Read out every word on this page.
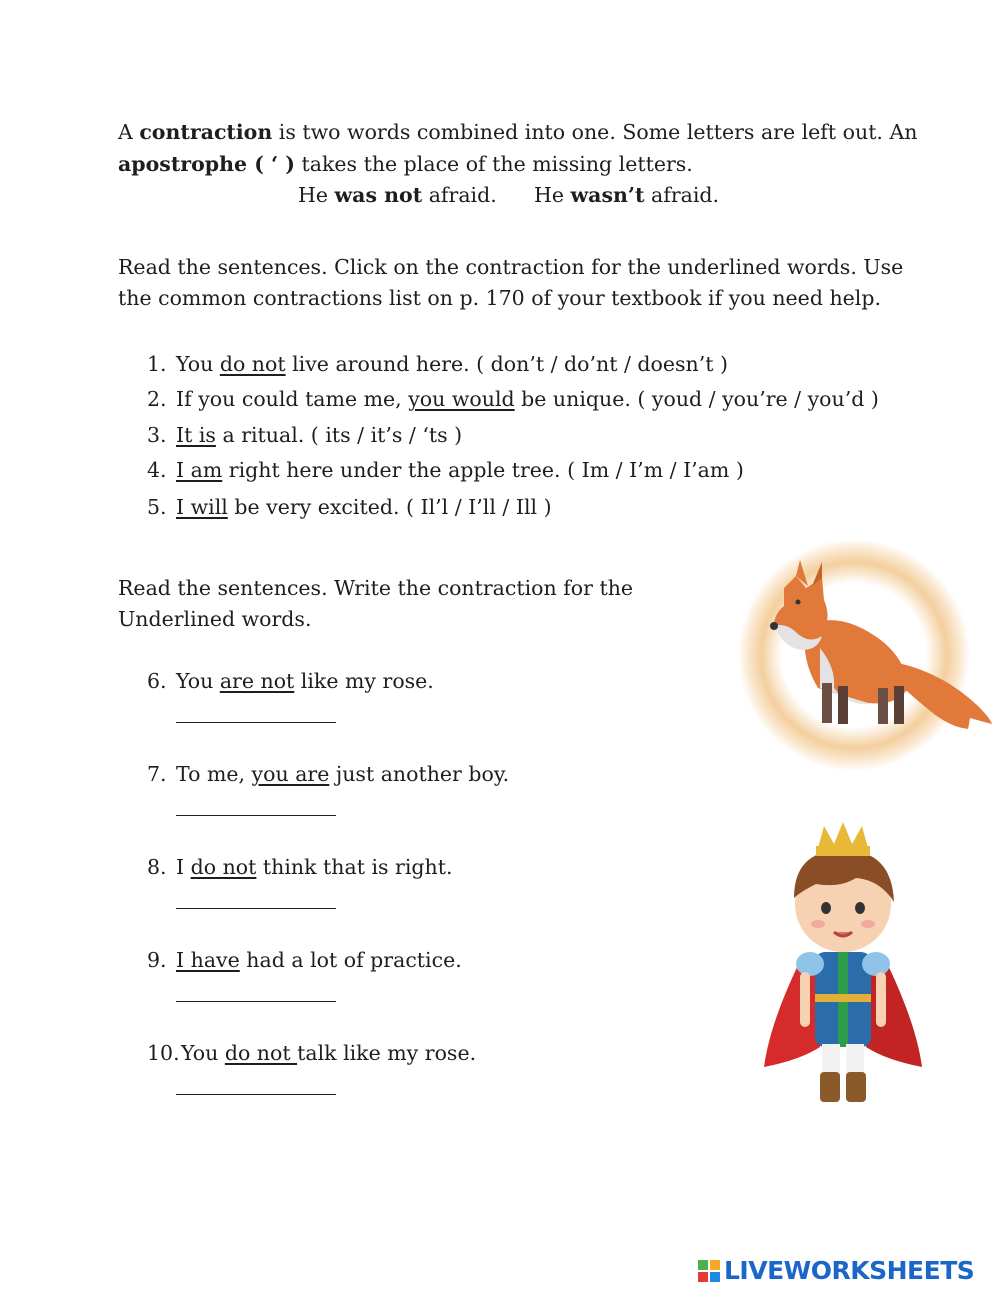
A contraction is two words combined into one. Some letters are left out. An
apostrophe ( ‘ ) takes the place of the missing letters.
He was not afraid. He wasn’t afraid.
Read the sentences. Click on the contraction for the underlined words. Use
the common contractions list on p. 170 of your textbook if you need help.
1. You do not live around here. ( don’t / do’nt / doesn’t )
2. If you could tame me, you would be unique. ( youd / you’re / you’d )
3. It is a ritual. ( its / it’s / ‘ts )
4. I am right here under the apple tree. ( Im / I’m / I’am )
5. I will be very excited. ( Il’l / I’ll / Ill )
Read the sentences. Write the contraction for the
Underlined words.
6. You are not like my rose.
7. To me, you are just another boy.
8. I do not think that is right.
9. I have had a lot of practice.
10.You do not talk like my rose.
LIVEWORKSHEETS
